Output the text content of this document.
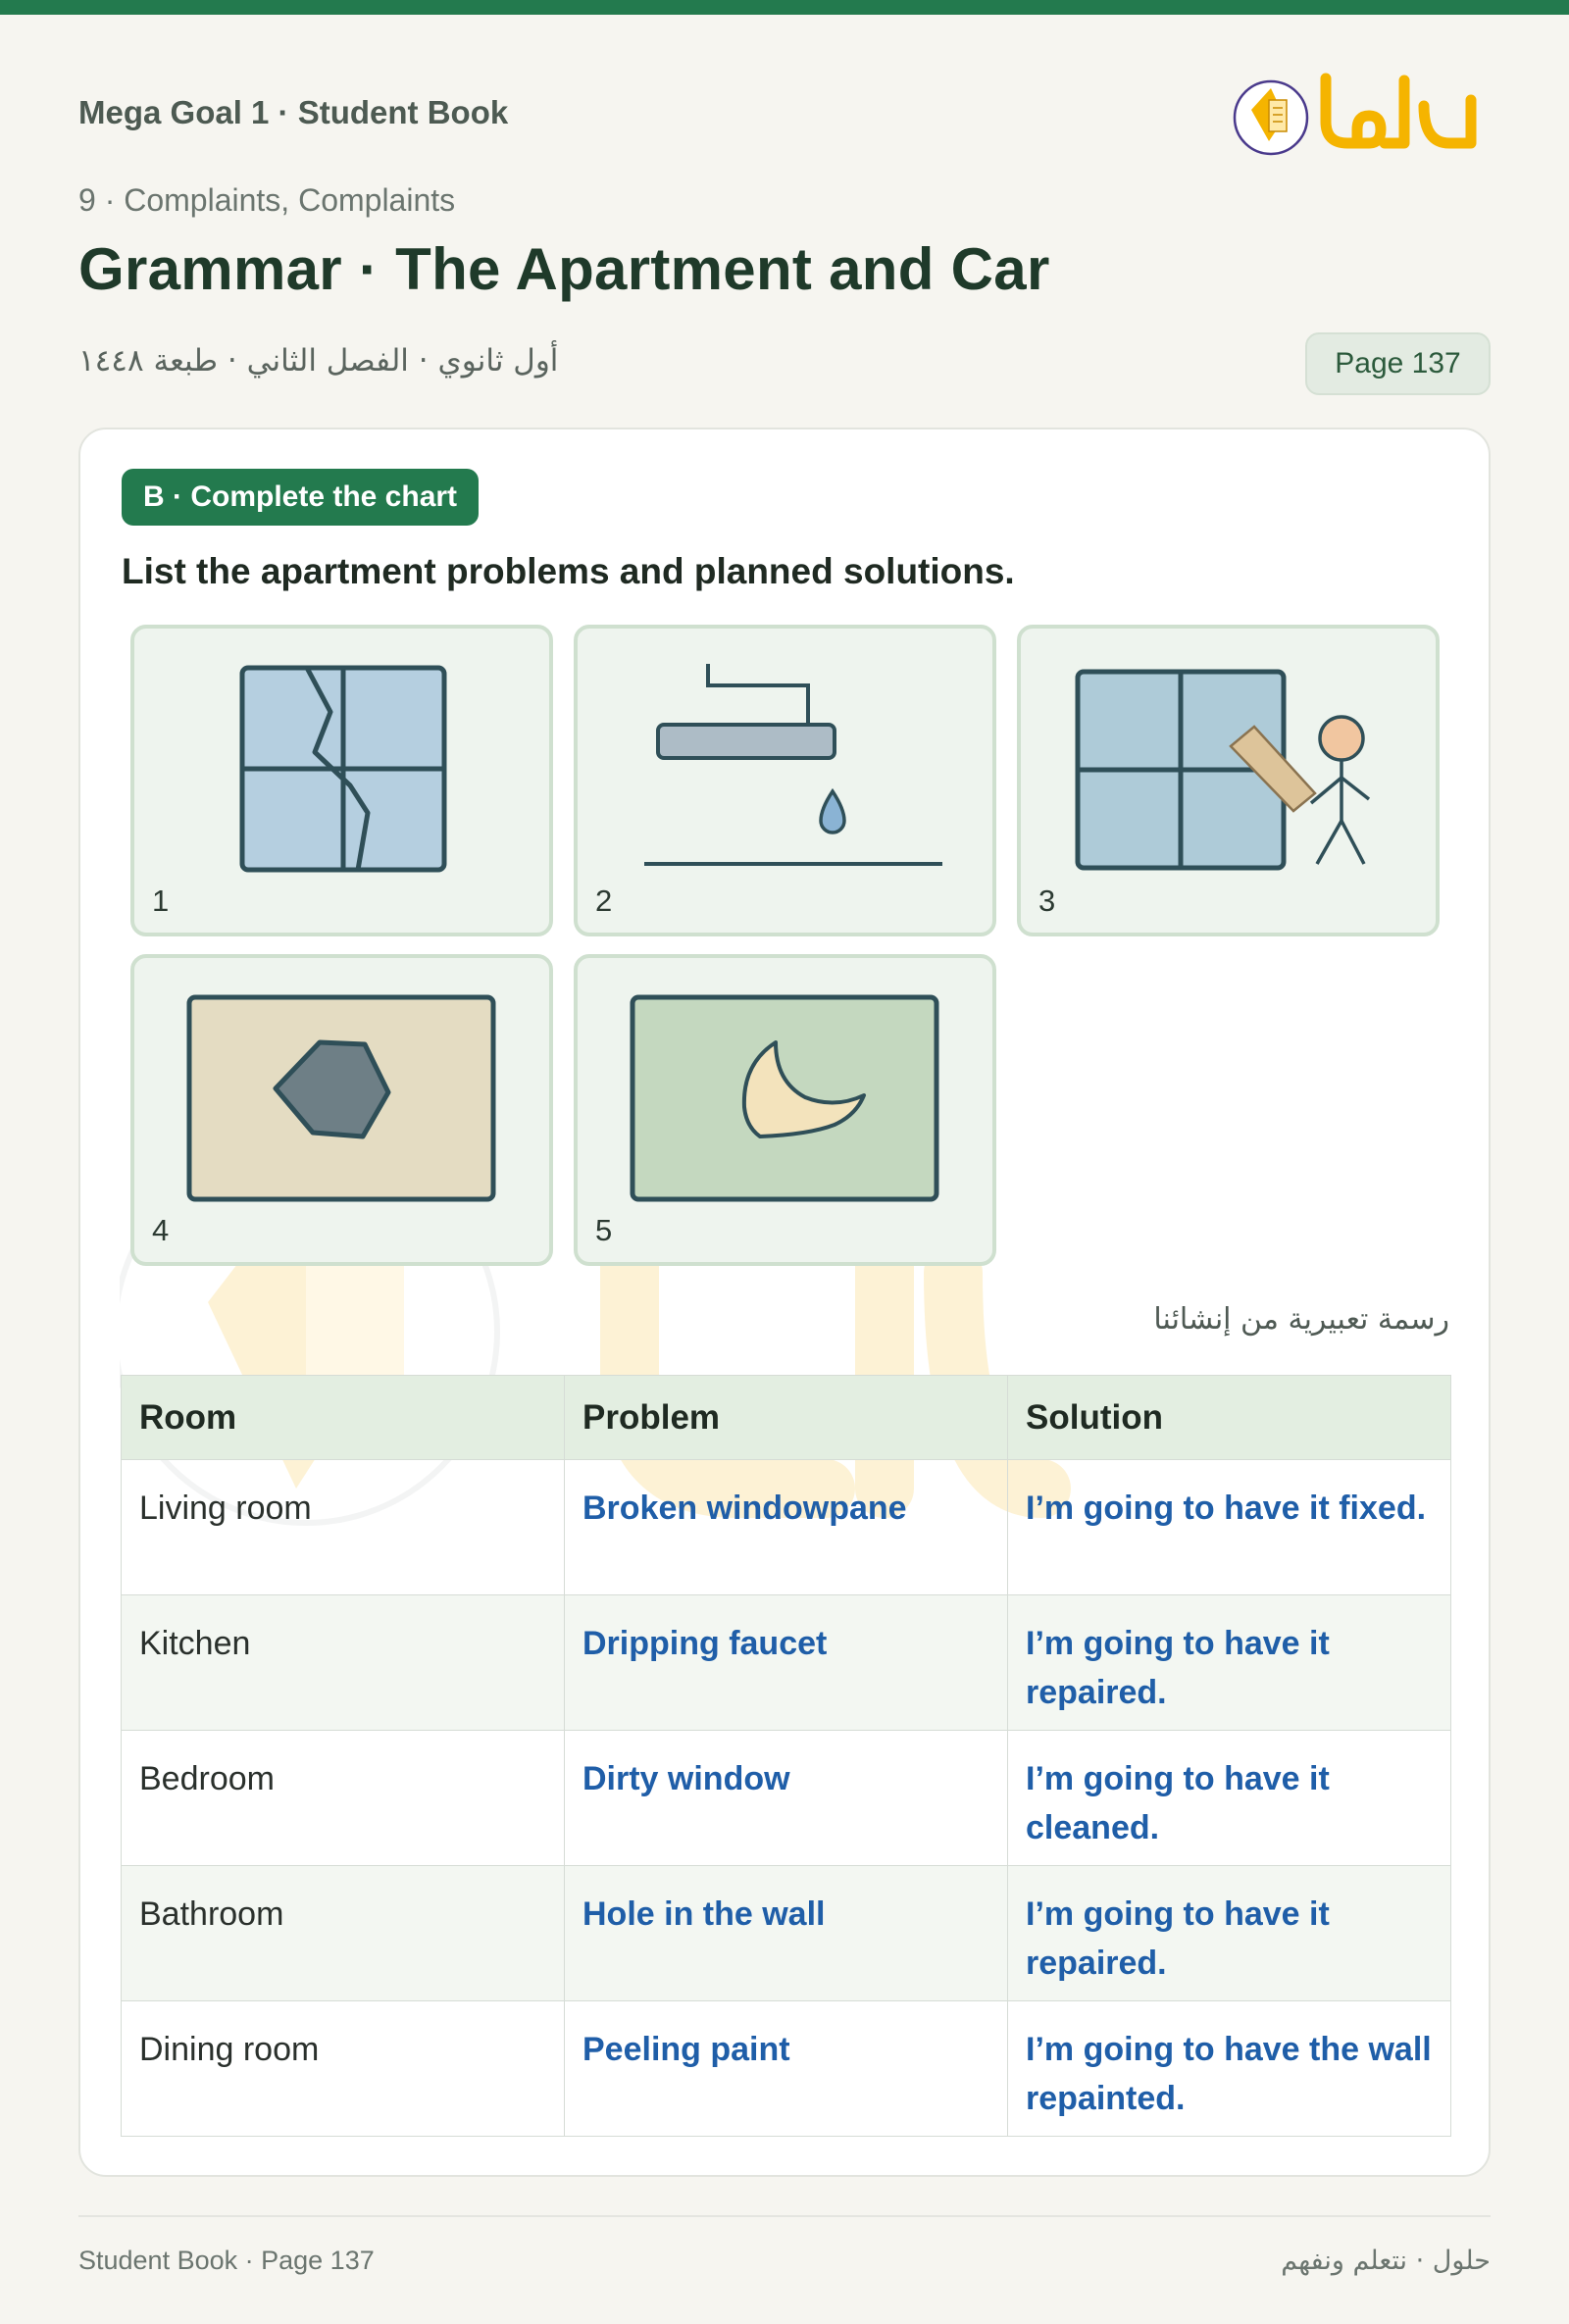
Mega Goal 1 · Student Book
9 · Complaints, Complaints
Grammar · The Apartment and Car
أول ثانوي · الفصل الثاني · طبعة ١٤٤٨	Page 137
B · Complete the chart
List the apartment problems and planned solutions.
1	2	3
4	5
رسمة تعبيرية من إنشائنا
Room	Problem	Solution
Living room	Broken windowpane	I’m going to have it fixed.
Kitchen	Dripping faucet	I’m going to have it repaired.
Bedroom	Dirty window	I’m going to have it cleaned.
Bathroom	Hole in the wall	I’m going to have it repaired.
Dining room	Peeling paint	I’m going to have the wall repainted.
Student Book · Page 137	حلول · نتعلم ونفهم
